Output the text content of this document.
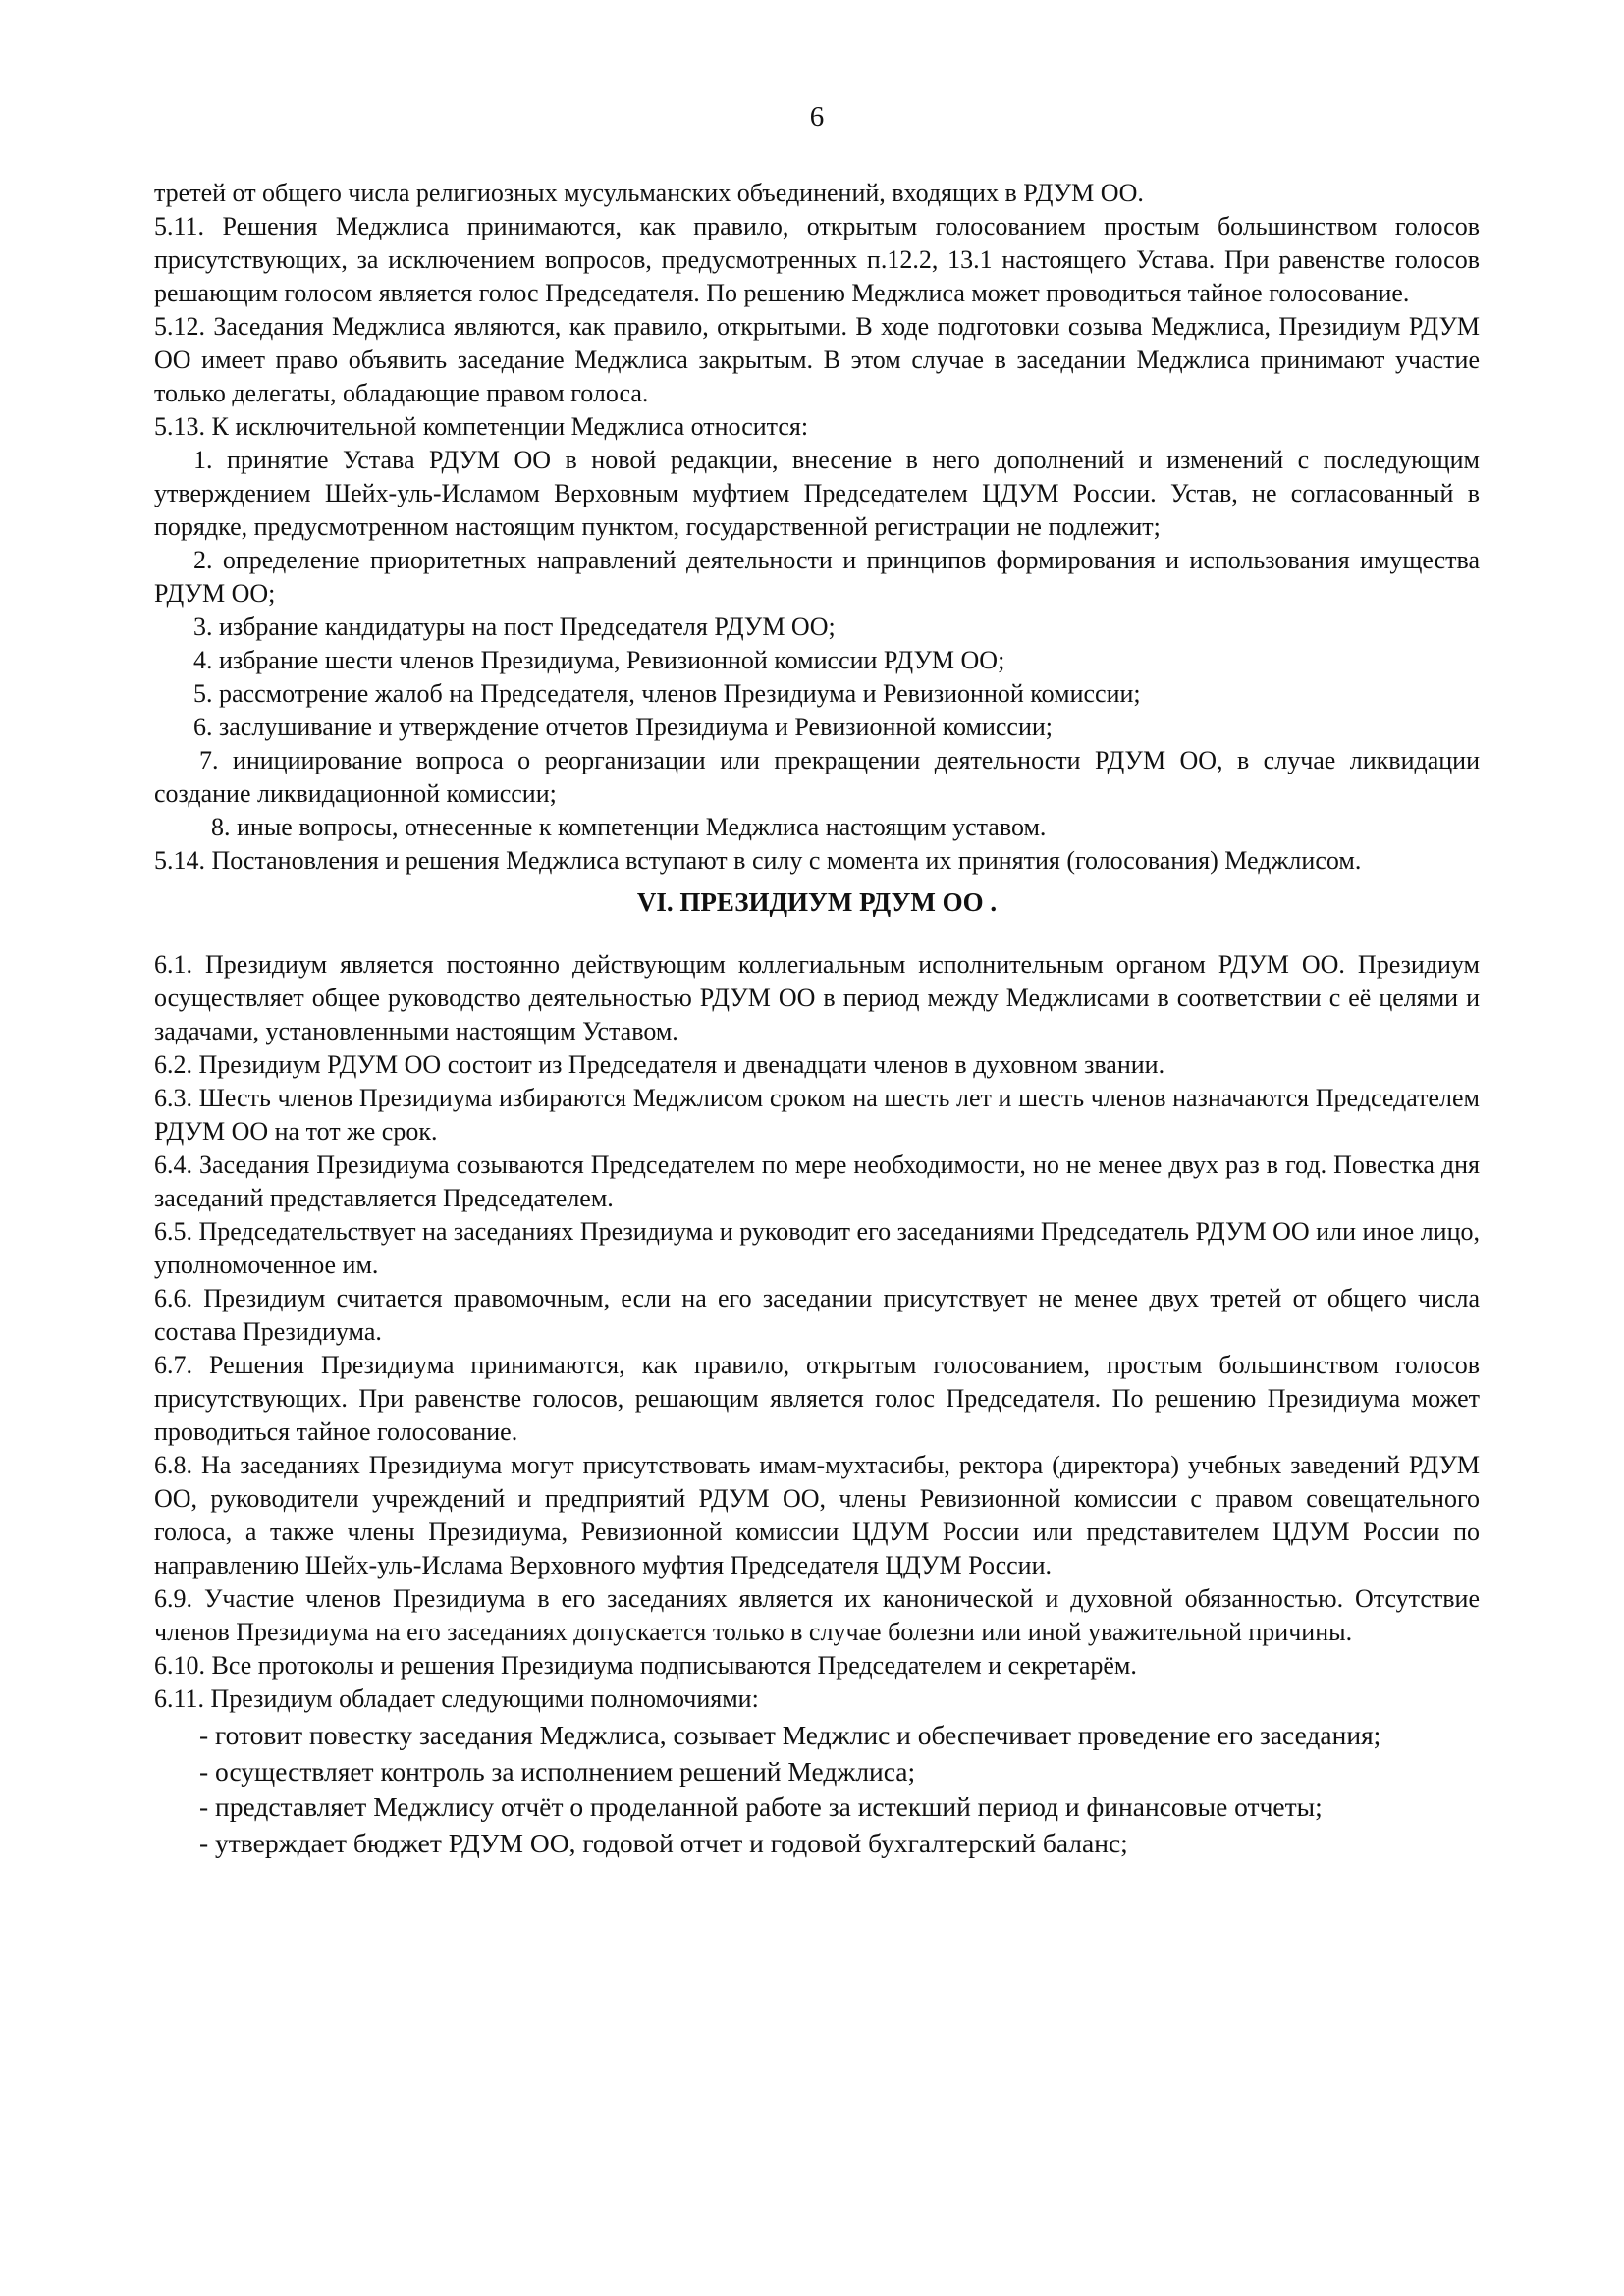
6

третей от общего числа религиозных мусульманских объединений, входящих в РДУМ ОО.

5.11. Решения Меджлиса принимаются, как правило, открытым голосованием простым большинством голосов присутствующих, за исключением вопросов, предусмотренных п.12.2, 13.1 настоящего Устава. При равенстве голосов решающим голосом является голос Председателя. По решению Меджлиса может проводиться тайное голосование.

5.12. Заседания Меджлиса являются, как правило, открытыми. В ходе подготовки созыва Меджлиса, Президиум РДУМ ОО имеет право объявить заседание Меджлиса закрытым. В этом случае в заседании Меджлиса принимают участие только делегаты, обладающие правом голоса.

5.13. К исключительной компетенции Меджлиса относится:

1. принятие Устава РДУМ ОО в новой редакции, внесение в него дополнений и изменений с последующим утверждением Шейх-уль-Исламом Верховным муфтием Председателем ЦДУМ России. Устав, не согласованный в порядке, предусмотренном настоящим пунктом, государственной регистрации не подлежит;

2. определение приоритетных направлений деятельности и принципов формирования и использования имущества РДУМ ОО;

3. избрание кандидатуры на пост Председателя РДУМ ОО;

4. избрание шести членов Президиума, Ревизионной комиссии РДУМ ОО;

5. рассмотрение жалоб на Председателя, членов Президиума и Ревизионной комиссии;

6. заслушивание и утверждение отчетов Президиума и Ревизионной комиссии;

7. инициирование вопроса о реорганизации или прекращении деятельности РДУМ ОО, в случае ликвидации создание ликвидационной комиссии;

8. иные вопросы, отнесенные к компетенции Меджлиса настоящим уставом.

5.14. Постановления и решения Меджлиса вступают в силу с момента их принятия (голосования) Меджлисом.

VI. ПРЕЗИДИУМ РДУМ ОО .

6.1. Президиум является постоянно действующим коллегиальным исполнительным органом РДУМ ОО. Президиум осуществляет общее руководство деятельностью РДУМ ОО в период между Меджлисами в соответствии с её целями и задачами, установленными настоящим Уставом.

6.2. Президиум РДУМ ОО состоит из Председателя и двенадцати членов в духовном звании.

6.3. Шесть членов Президиума избираются Меджлисом сроком на шесть лет и шесть членов назначаются Председателем РДУМ ОО на тот же срок.

6.4. Заседания Президиума созываются Председателем по мере необходимости, но не менее двух раз в год. Повестка дня заседаний представляется Председателем.

6.5. Председательствует на заседаниях Президиума и руководит его заседаниями Председатель РДУМ ОО или иное лицо, уполномоченное им.

6.6. Президиум считается правомочным, если на его заседании присутствует не менее двух третей от общего числа состава Президиума.

6.7. Решения Президиума принимаются, как правило, открытым голосованием, простым большинством голосов присутствующих. При равенстве голосов, решающим является голос Председателя. По решению Президиума может проводиться тайное голосование.

6.8. На заседаниях Президиума могут присутствовать имам-мухтасибы, ректора (директора) учебных заведений РДУМ ОО, руководители учреждений и предприятий РДУМ ОО, члены Ревизионной комиссии с правом совещательного голоса, а также члены Президиума, Ревизионной комиссии ЦДУМ России или представителем ЦДУМ России по направлению Шейх-уль-Ислама Верховного муфтия Председателя ЦДУМ России.

6.9. Участие членов Президиума в его заседаниях является их канонической и духовной обязанностью. Отсутствие членов Президиума на его заседаниях допускается только в случае болезни или иной уважительной причины.

6.10. Все протоколы и решения Президиума подписываются Председателем и секретарём.

6.11. Президиум обладает следующими полномочиями:

- готовит повестку заседания Меджлиса, созывает Меджлис и обеспечивает проведение его заседания;

- осуществляет контроль за исполнением решений Меджлиса;

- представляет Меджлису отчёт о проделанной работе за истекший период и финансовые отчеты;

- утверждает бюджет РДУМ ОО, годовой отчет и годовой бухгалтерский баланс;
